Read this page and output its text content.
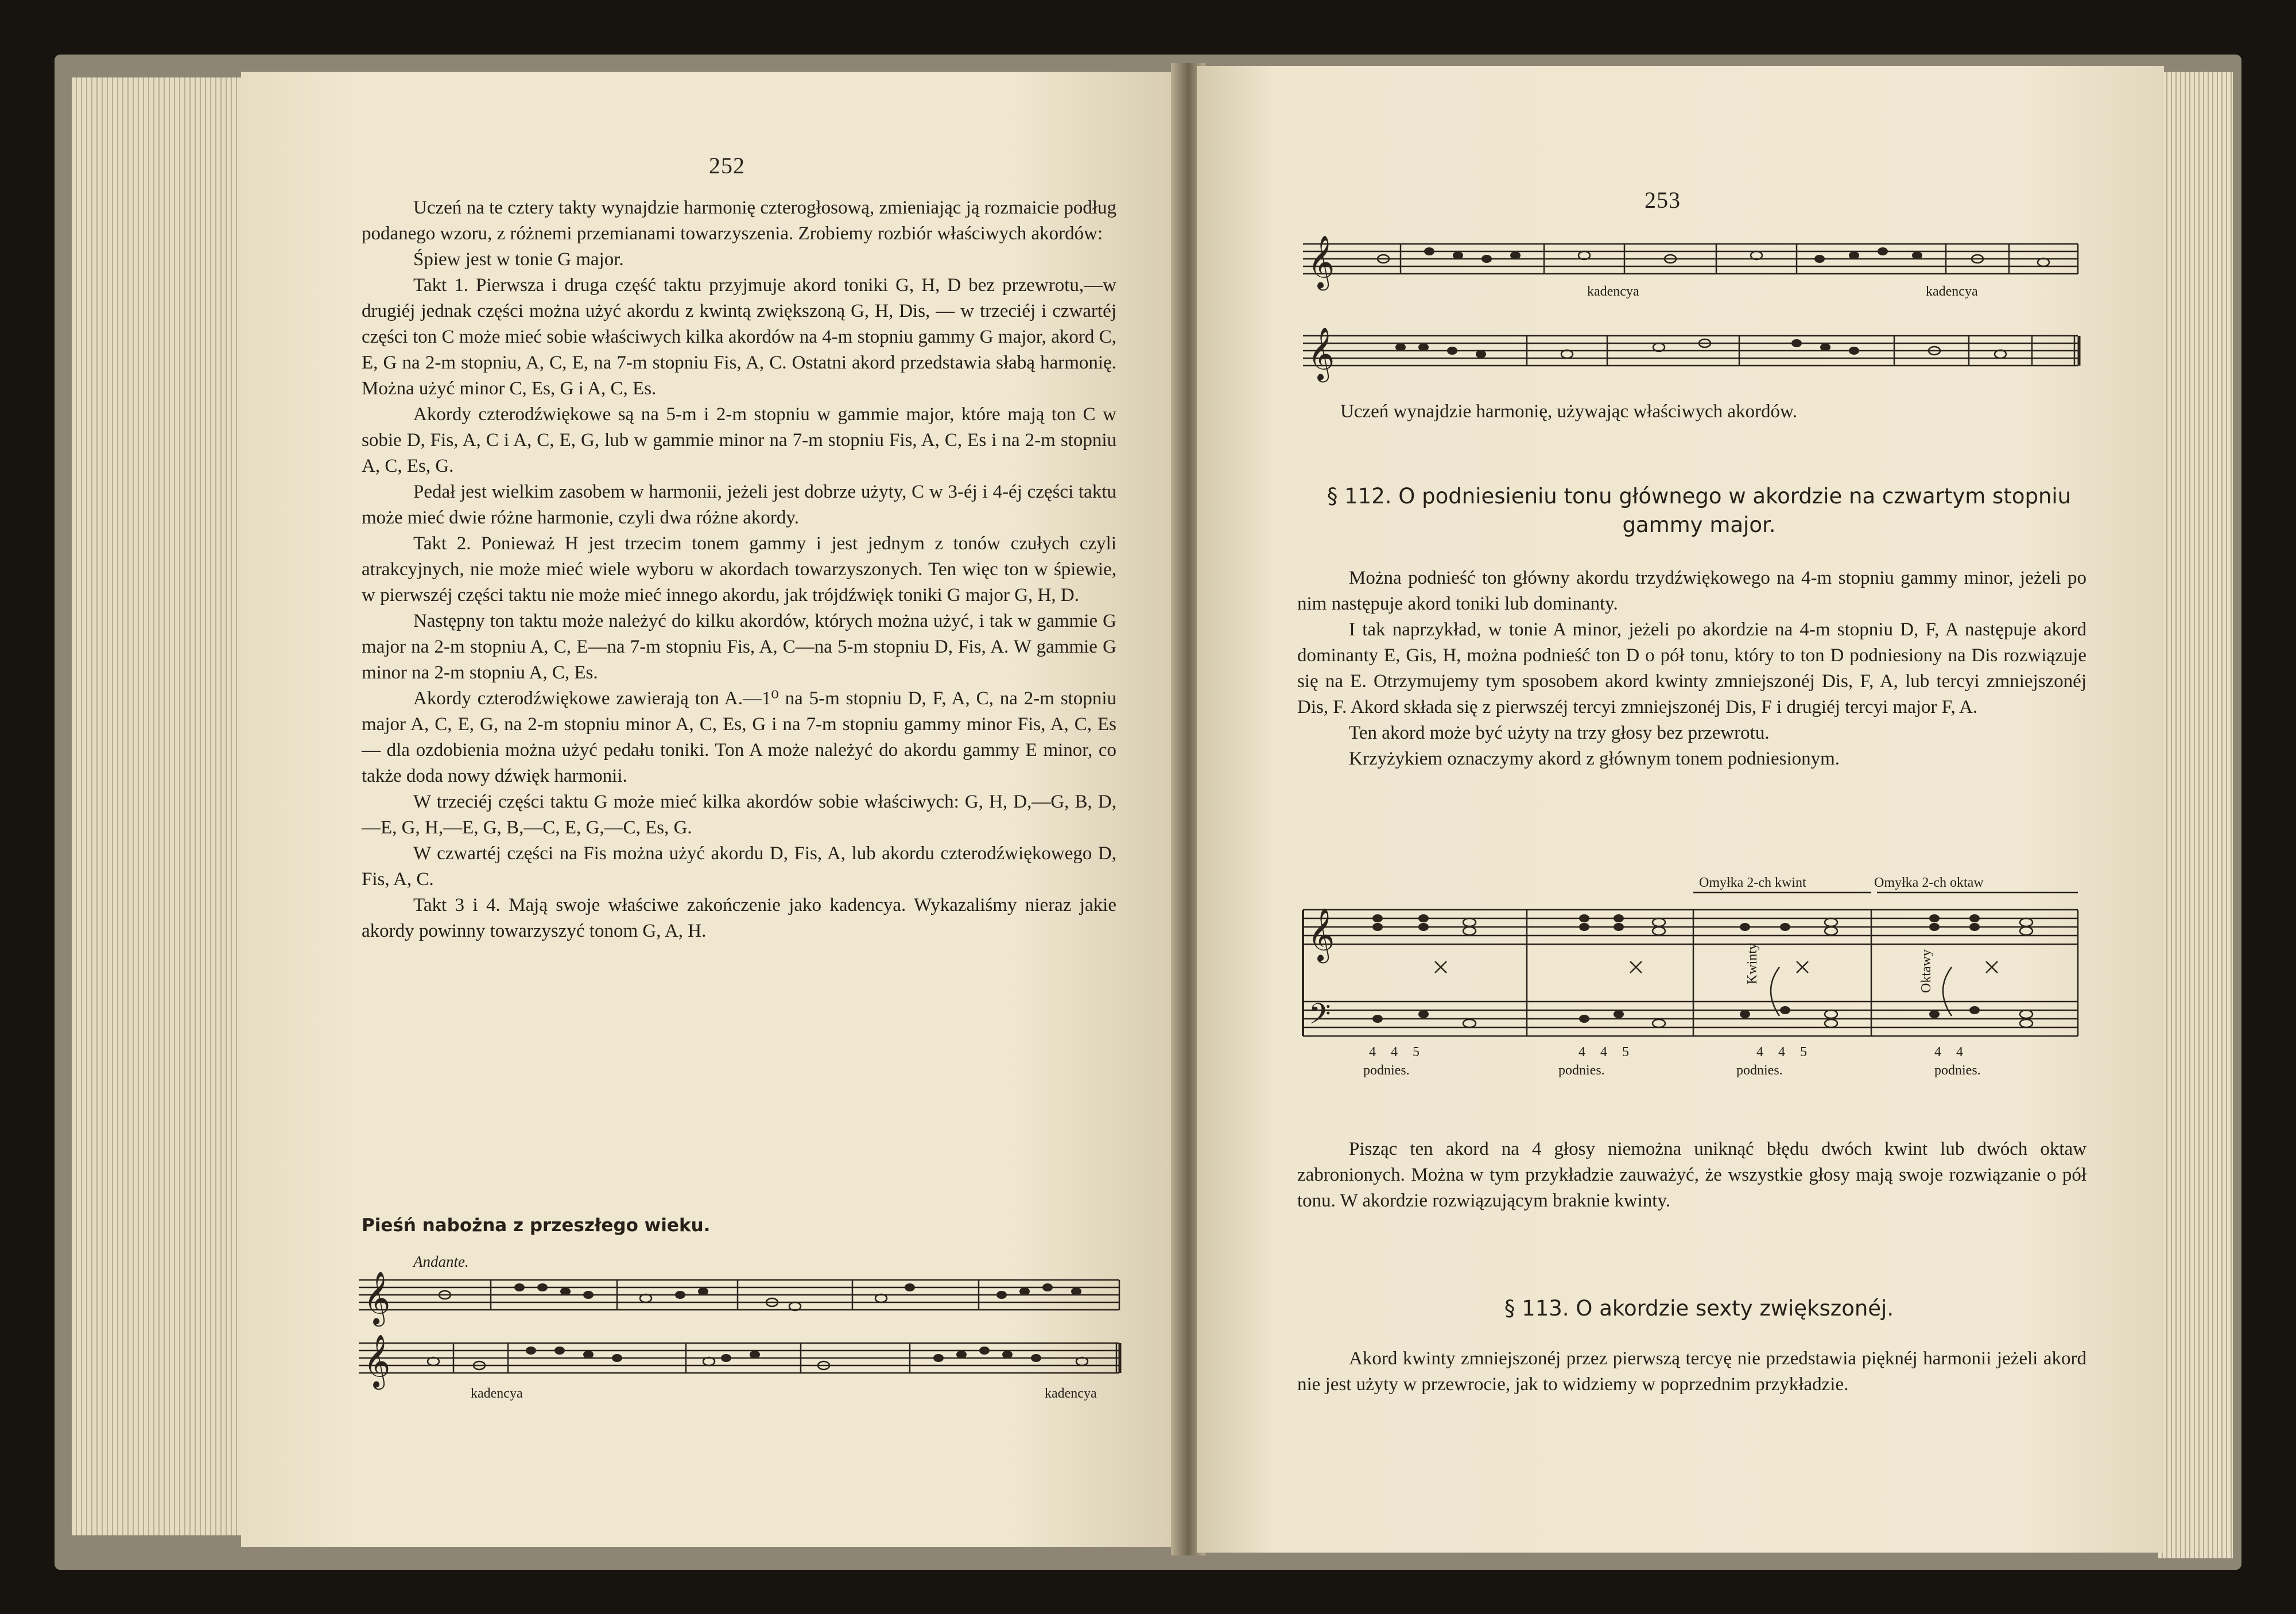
252

Uczeń na te cztery takty wynajdzie harmonię czterogłosową, zmieniając ją rozmaicie podług podanego wzoru, z różnemi przemianami towarzyszenia. Zrobiemy rozbiór właściwych akordów:

Śpiew jest w tonie G major.

Takt 1. Pierwsza i druga część taktu przyjmuje akord toniki G, H, D bez przewrotu,—w drugiéj jednak części można użyć akordu z kwintą zwiększoną G, H, Dis, — w trzeciéj i czwartéj części ton C może mieć sobie właściwych kilka akordów na 4-m stopniu gammy G major, akord C, E, G na 2-m stopniu, A, C, E, na 7-m stopniu Fis, A, C. Ostatni akord przedstawia słabą harmonię. Można użyć minor C, Es, G i A, C, Es.

Akordy czterodźwiękowe są na 5-m i 2-m stopniu w gammie major, które mają ton C w sobie D, Fis, A, C i A, C, E, G, lub w gammie minor na 7-m stopniu Fis, A, C, Es i na 2-m stopniu A, C, Es, G.

Pedał jest wielkim zasobem w harmonii, jeżeli jest dobrze użyty, C w 3-éj i 4-éj części taktu może mieć dwie różne harmonie, czyli dwa różne akordy.

Takt 2. Ponieważ H jest trzecim tonem gammy i jest jednym z tonów czułych czyli atrakcyjnych, nie może mieć wiele wyboru w akordach towarzyszonych. Ten więc ton w śpiewie, w pierwszéj części taktu nie może mieć innego akordu, jak trójdźwięk toniki G major G, H, D.

Następny ton taktu może należyć do kilku akordów, których można użyć, i tak w gammie G major na 2-m stopniu A, C, E—na 7-m stopniu Fis, A, C—na 5-m stopniu D, Fis, A. W gammie G minor na 2-m stopniu A, C, Es.

Akordy czterodźwiękowe zawierają ton A.—1⁰ na 5-m stopniu D, F, A, C, na 2-m stopniu major A, C, E, G, na 2-m stopniu minor A, C, Es, G i na 7-m stopniu gammy minor Fis, A, C, Es — dla ozdobienia można użyć pedału toniki. Ton A może należyć do akordu gammy E minor, co także doda nowy dźwięk harmonii.

W trzeciéj części taktu G może mieć kilka akordów sobie właściwych: G, H, D,—G, B, D,—E, G, H,—E, G, B,—C, E, G,—C, Es, G.

W czwartéj części na Fis można użyć akordu D, Fis, A, lub akordu czterodźwiękowego D, Fis, A, C.

Takt 3 i 4. Mają swoje właściwe zakończenie jako kadencya. Wykazaliśmy nieraz jakie akordy powinny towarzyszyć tonom G, A, H.

Pieśń nabożna z przeszłego wieku.
Andante.
𝄞
𝄞
kadencya	kadencya
253
𝄞
kadencya	kadencya
𝄞

Uczeń wynajdzie harmonię, używając właściwych akordów.

§ 112. O podniesieniu tonu głównego w akordzie na czwartym stopniu gammy major.

Można podnieść ton główny akordu trzydźwiękowego na 4-m stopniu gammy minor, jeżeli po nim następuje akord toniki lub dominanty.

I tak naprzykład, w tonie A minor, jeżeli po akordzie na 4-m stopniu D, F, A następuje akord dominanty E, Gis, H, można podnieść ton D o pół tonu, który to ton D podniesiony na Dis rozwiązuje się na E. Otrzymujemy tym sposobem akord kwinty zmniejszonéj Dis, F, A, lub tercyi zmniejszonéj Dis, F. Akord składa się z pierwszéj tercyi zmniejszonéj Dis, F i drugiéj tercyi major F, A.

Ten akord może być użyty na trzy głosy bez przewrotu.

Krzyżykiem oznaczymy akord z głównym tonem podniesionym.

Omyłka 2-ch kwint	Omyłka 2-ch oktaw
𝄞
𝄢
Kwinty	Oktawy
4 4 5	4 4 5	4 4 5	4 4
podnies.	podnies.	podnies.	podnies.

Pisząc ten akord na 4 głosy niemożna uniknąć błędu dwóch kwint lub dwóch oktaw zabronionych. Można w tym przykładzie zauważyć, że wszystkie głosy mają swoje rozwiązanie o pół tonu. W akordzie rozwiązującym braknie kwinty.

§ 113. O akordzie sexty zwiększonéj.

Akord kwinty zmniejszonéj przez pierwszą tercyę nie przedstawia pięknéj harmonii jeżeli akord nie jest użyty w przewrocie, jak to widziemy w poprzednim przykładzie.
